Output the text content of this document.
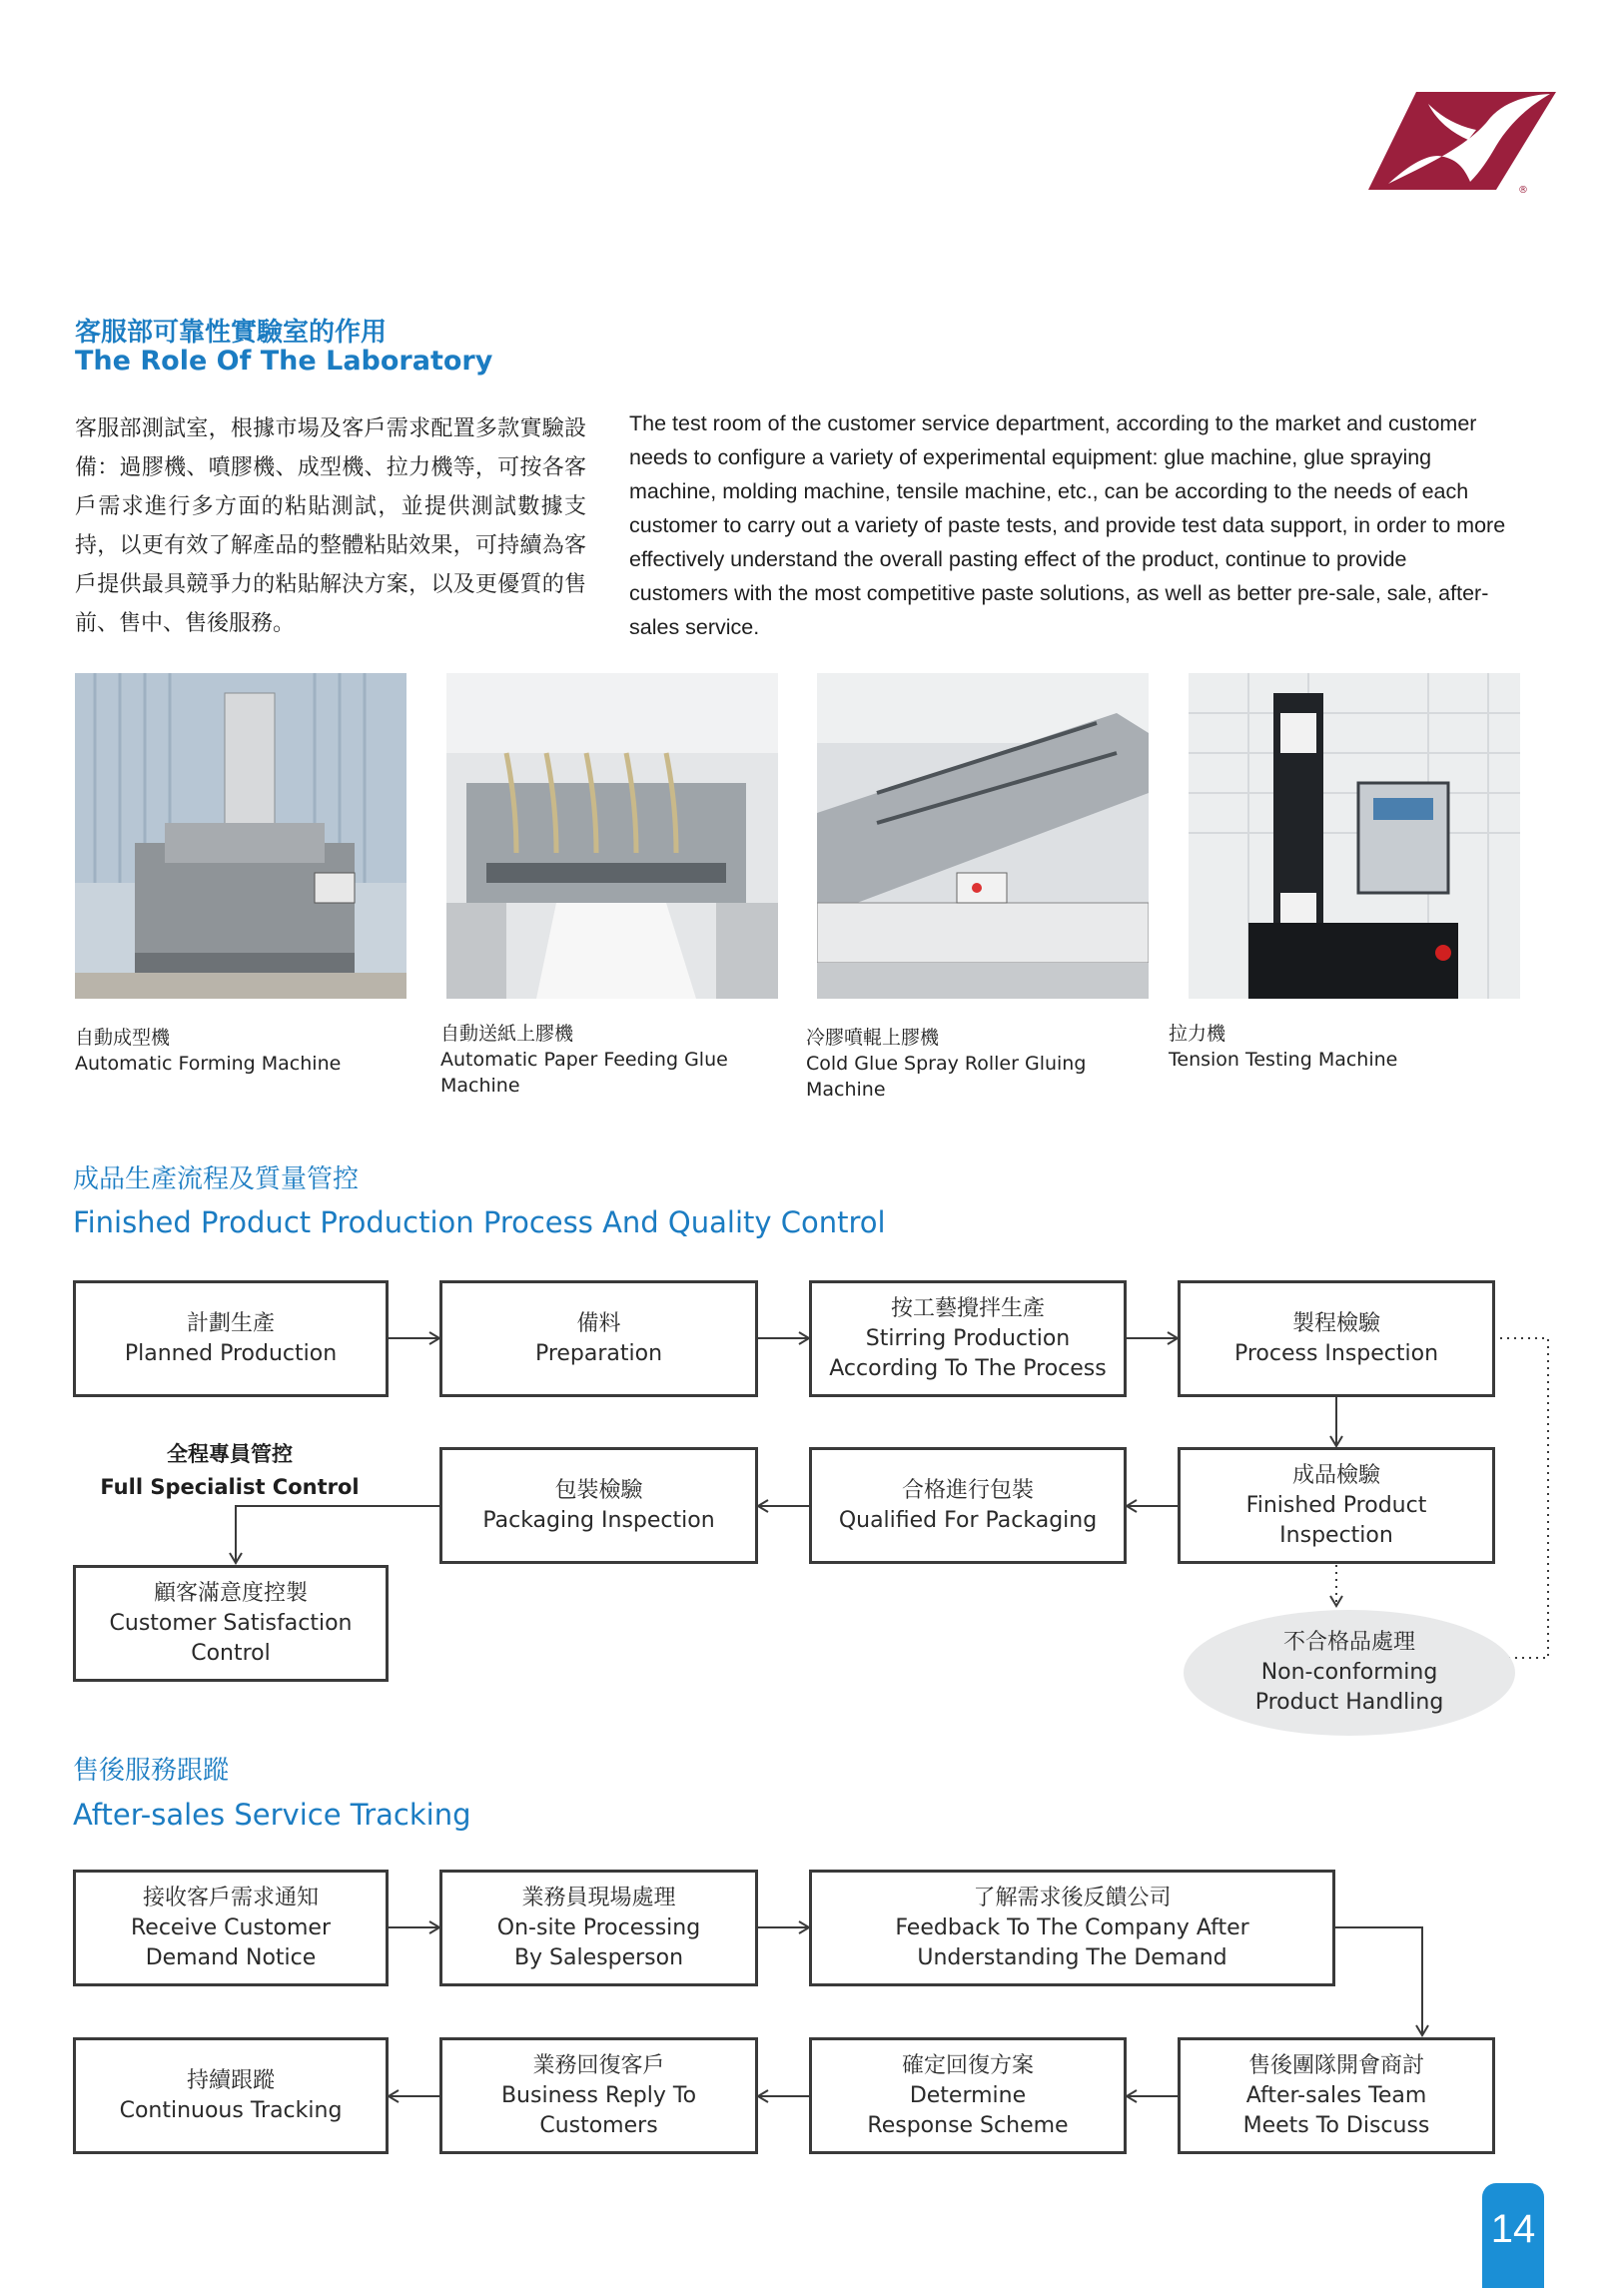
®
客服部可靠性實驗室的作用
The Role Of The Laboratory
客服部測試室，根據市場及客戶需求配置多款實驗設備：過膠機、噴膠機、成型機、拉力機等，可按各客戶需求進行多方面的粘貼測試，並提供測試數據支持，以更有效了解產品的整體粘貼效果，可持續為客戶提供最具競爭力的粘貼解決方案，以及更優質的售前、售中、售後服務。
The test room of the customer service department, according to the market and customer needs to configure a variety of experimental equipment: glue machine, glue spraying machine, molding machine, tensile machine, etc., can be according to the needs of each customer to carry out a variety of paste tests, and provide test data support, in order to more effectively understand the overall pasting effect of the product, continue to provide customers with the most competitive paste solutions, as well as better pre-sale, sale, after-sales service.
自動成型機
Automatic Forming Machine
自動送紙上膠機
Automatic Paper Feeding Glue Machine
冷膠噴輥上膠機
Cold Glue Spray Roller Gluing Machine
拉力機
Tension Testing Machine
成品生產流程及質量管控
Finished Product Production Process And Quality Control
計劃生產
Planned Production
備料
Preparation
按工藝攪拌生產
Stirring Production
According To The Process
製程檢驗
Process Inspection
全程專員管控
Full Specialist Control	包裝檢驗
Packaging Inspection
合格進行包裝
Qualified For Packaging
成品檢驗
Finished Product
Inspection
顧客滿意度控製
Customer Satisfaction
Control	不合格品處理
Non-conforming
Product Handling
售後服務跟蹤
After-sales Service Tracking
接收客戶需求通知
Receive Customer
Demand Notice
業務員現場處理
On-site Processing
By Salesperson
了解需求後反饋公司
Feedback To The Company After
Understanding The Demand
持續跟蹤
Continuous Tracking
業務回復客戶
Business Reply To
Customers
確定回復方案
Determine
Response Scheme
售後團隊開會商討
After-sales Team
Meets To Discuss
14
